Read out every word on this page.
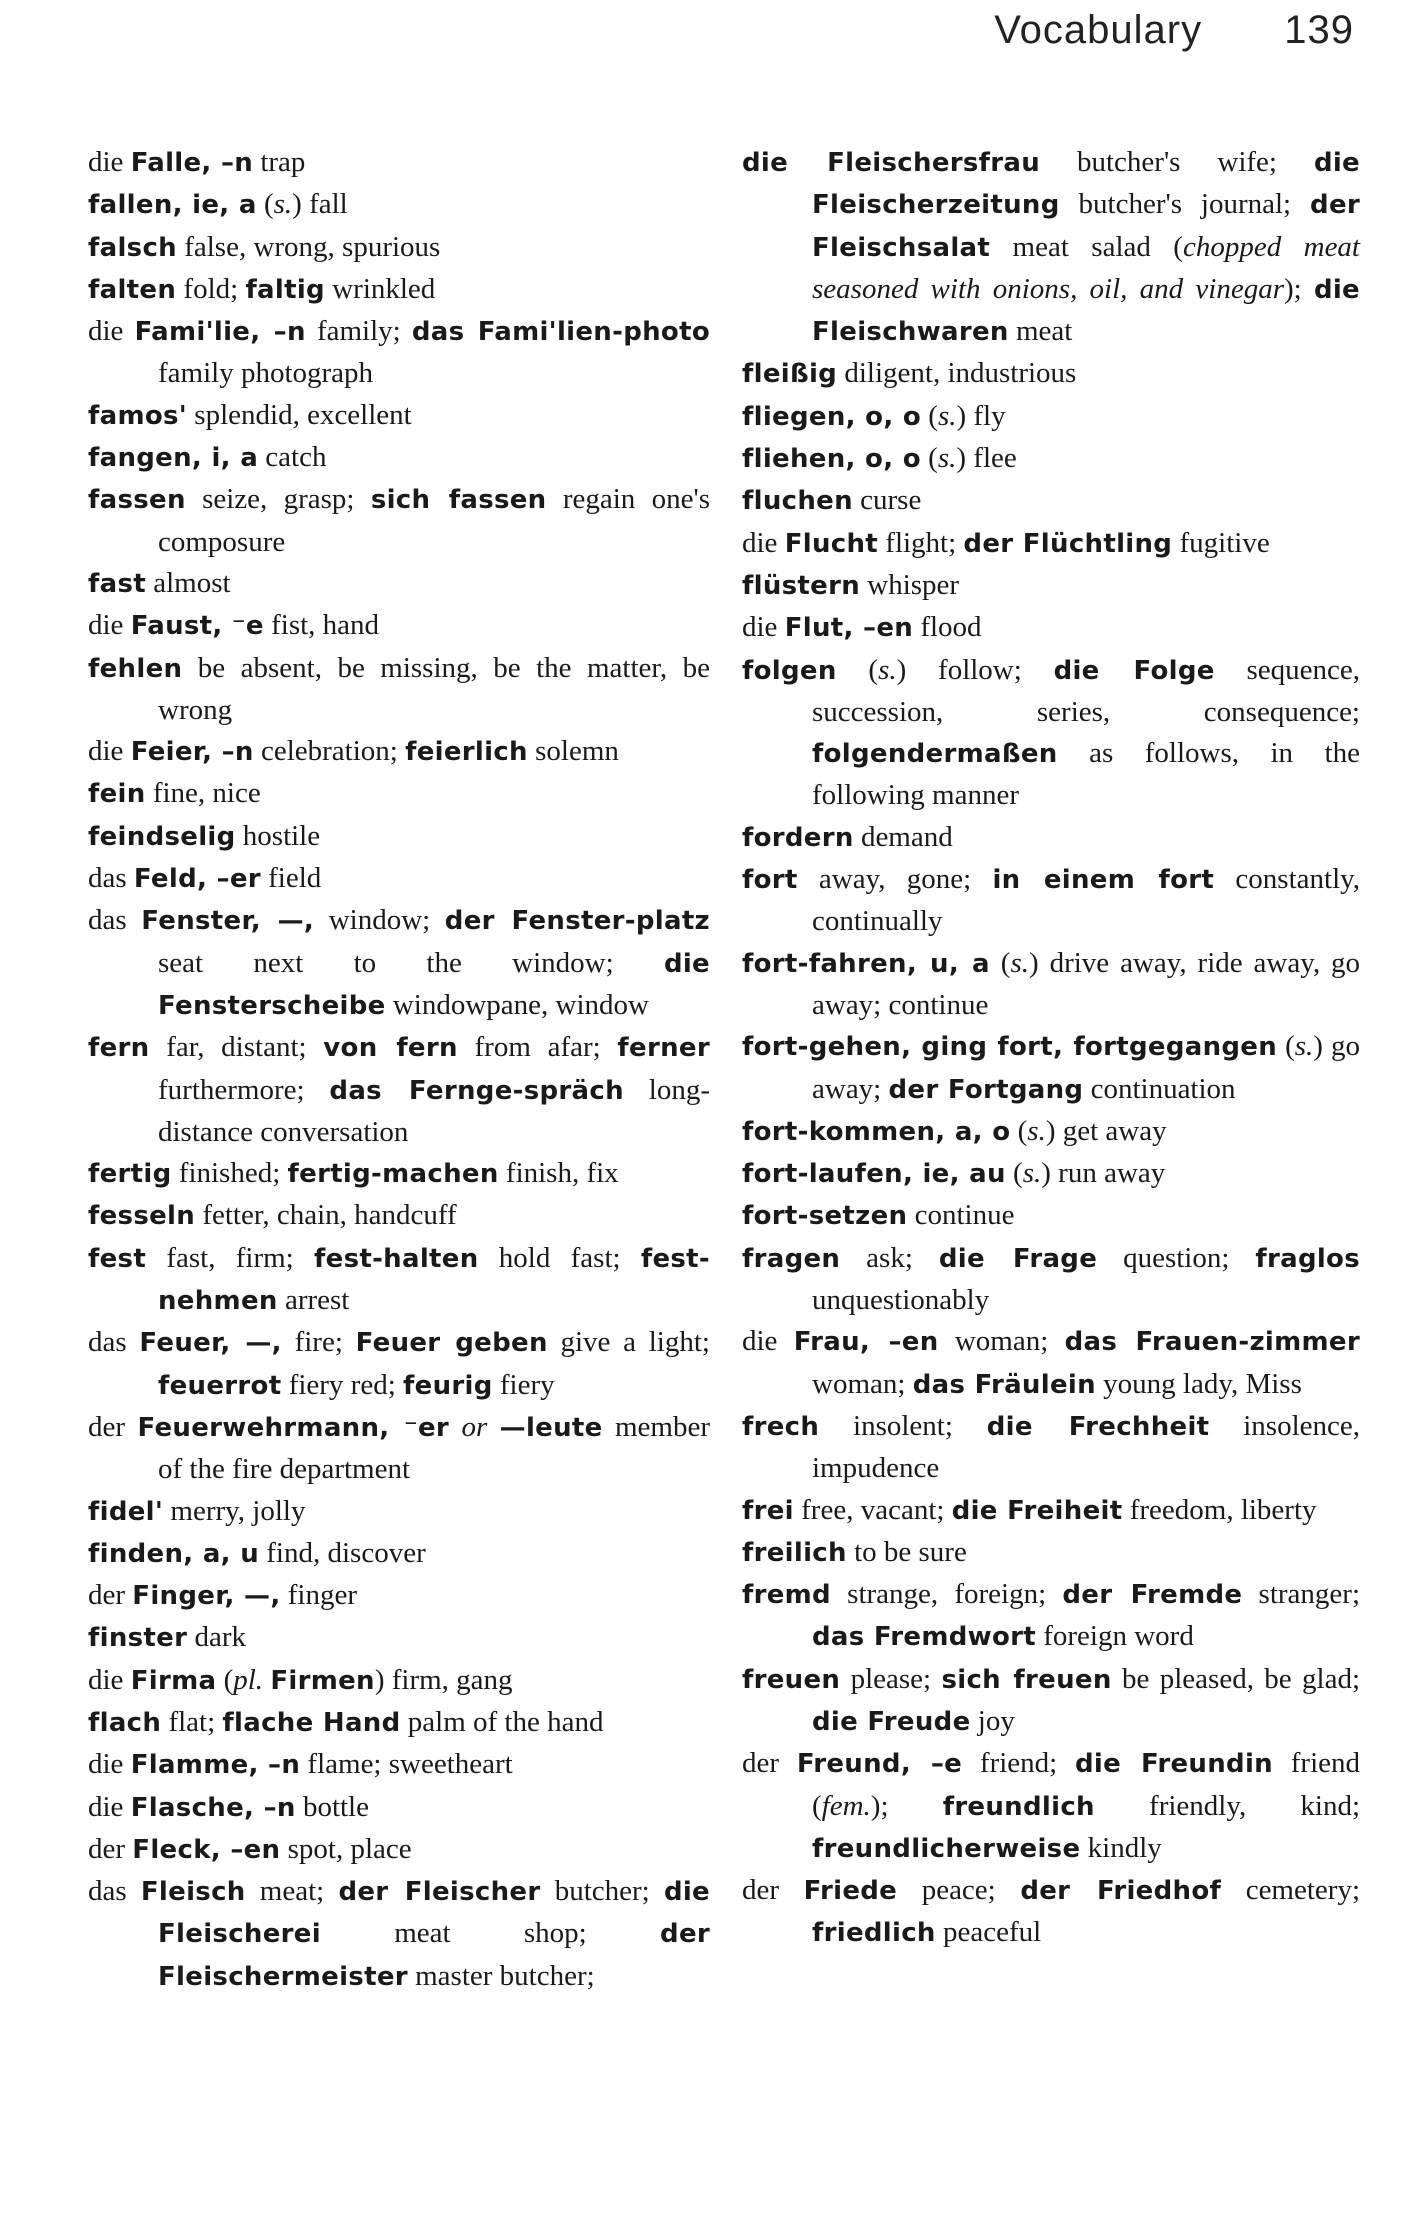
Vocabulary 139
die Falle, –n trap
fallen, ie, a (s.) fall
falsch false, wrong, spurious
falten fold; faltig wrinkled
die Fami'lie, –n family; das Fami'lien-photo family photograph
famos' splendid, excellent
fangen, i, a catch
fassen seize, grasp; sich fassen regain one's composure
fast almost
die Faust, ⁻e fist, hand
fehlen be absent, be missing, be the matter, be wrong
die Feier, –n celebration; feierlich solemn
fein fine, nice
feindselig hostile
das Feld, –er field
das Fenster, —, window; der Fenster-platz seat next to the window; die Fensterscheibe windowpane, window
fern far, distant; von fern from afar; ferner furthermore; das Fernge-spräch long-distance conversation
fertig finished; fertig-machen finish, fix
fesseln fetter, chain, handcuff
fest fast, firm; fest-halten hold fast; fest-nehmen arrest
das Feuer, —, fire; Feuer geben give a light; feuerrot fiery red; feurig fiery
der Feuerwehrmann, ⁻er or —leute member of the fire department
fidel' merry, jolly
finden, a, u find, discover
der Finger, —, finger
finster dark
die Firma (pl. Firmen) firm, gang
flach flat; flache Hand palm of the hand
die Flamme, –n flame; sweetheart
die Flasche, –n bottle
der Fleck, –en spot, place
das Fleisch meat; der Fleischer butcher; die Fleischerei meat shop; der Fleischermeister master butcher;
die Fleischersfrau butcher's wife; die Fleischerzeitung butcher's journal; der Fleischsalat meat salad (chopped meat seasoned with onions, oil, and vinegar); die Fleischwaren meat
fleißig diligent, industrious
fliegen, o, o (s.) fly
fliehen, o, o (s.) flee
fluchen curse
die Flucht flight; der Flüchtling fugitive
flüstern whisper
die Flut, –en flood
folgen (s.) follow; die Folge sequence, succession, series, consequence; folgendermaßen as follows, in the following manner
fordern demand
fort away, gone; in einem fort constantly, continually
fort-fahren, u, a (s.) drive away, ride away, go away; continue
fort-gehen, ging fort, fortgegangen (s.) go away; der Fortgang continuation
fort-kommen, a, o (s.) get away
fort-laufen, ie, au (s.) run away
fort-setzen continue
fragen ask; die Frage question; fraglos unquestionably
die Frau, –en woman; das Frauen-zimmer woman; das Fräulein young lady, Miss
frech insolent; die Frechheit insolence, impudence
frei free, vacant; die Freiheit freedom, liberty
freilich to be sure
fremd strange, foreign; der Fremde stranger; das Fremdwort foreign word
freuen please; sich freuen be pleased, be glad; die Freude joy
der Freund, –e friend; die Freundin friend (fem.); freundlich friendly, kind; freundlicherweise kindly
der Friede peace; der Friedhof cemetery; friedlich peaceful
